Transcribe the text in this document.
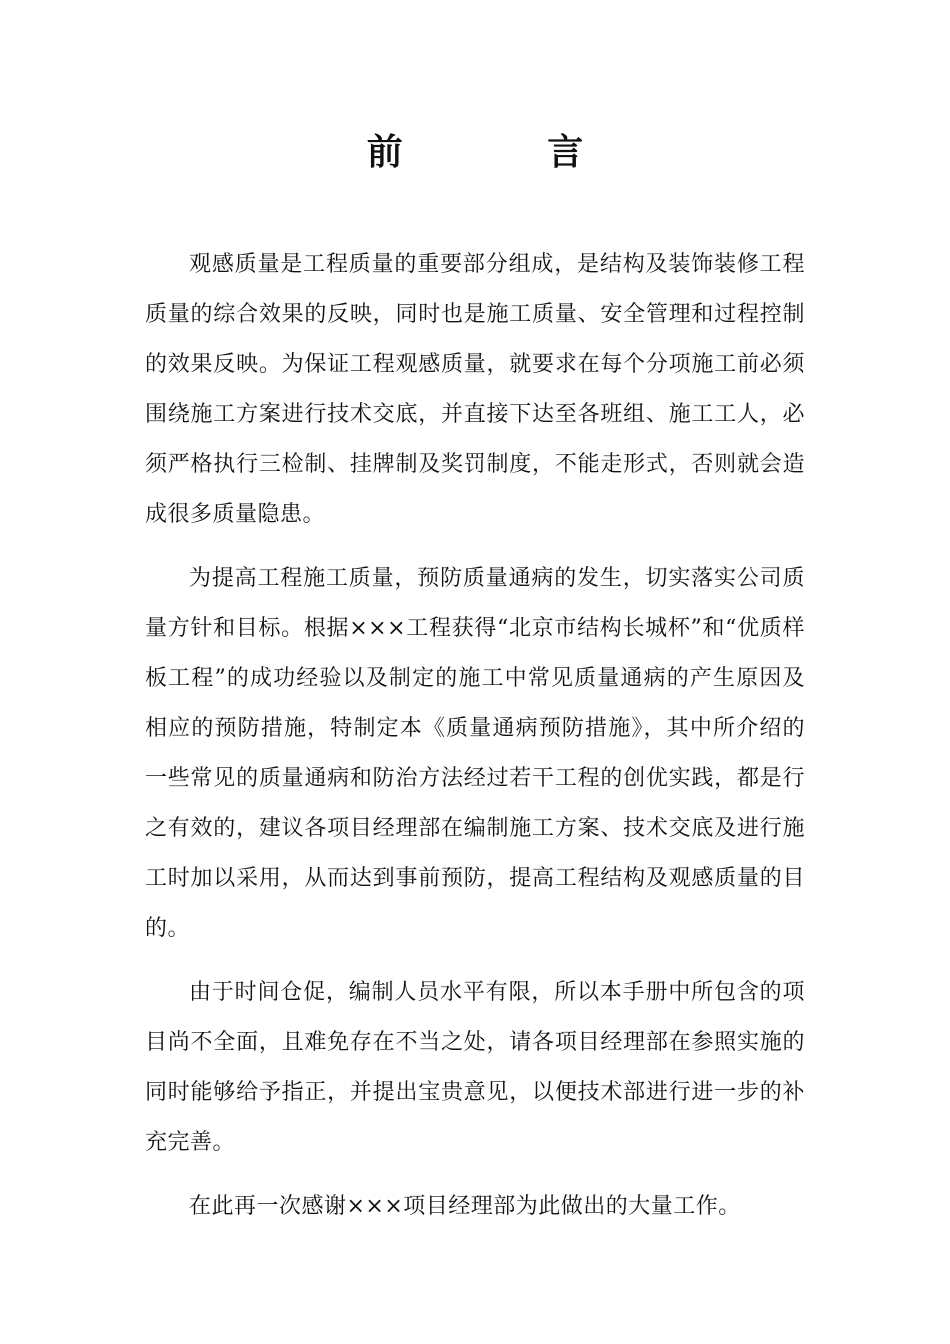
前 言

观感质量是工程质量的重要部分组成，是结构及装饰装修工程质量的综合效果的反映，同时也是施工质量、安全管理和过程控制的效果反映。为保证工程观感质量，就要求在每个分项施工前必须围绕施工方案进行技术交底，并直接下达至各班组、施工工人，必须严格执行三检制、挂牌制及奖罚制度，不能走形式，否则就会造成很多质量隐患。

为提高工程施工质量，预防质量通病的发生，切实落实公司质量方针和目标。根据×××工程获得“北京市结构长城杯”和“优质样板工程”的成功经验以及制定的施工中常见质量通病的产生原因及相应的预防措施，特制定本《质量通病预防措施》，其中所介绍的一些常见的质量通病和防治方法经过若干工程的创优实践，都是行之有效的，建议各项目经理部在编制施工方案、技术交底及进行施工时加以采用，从而达到事前预防，提高工程结构及观感质量的目的。

由于时间仓促，编制人员水平有限，所以本手册中所包含的项目尚不全面，且难免存在不当之处，请各项目经理部在参照实施的同时能够给予指正，并提出宝贵意见，以便技术部进行进一步的补充完善。

在此再一次感谢×××项目经理部为此做出的大量工作。
